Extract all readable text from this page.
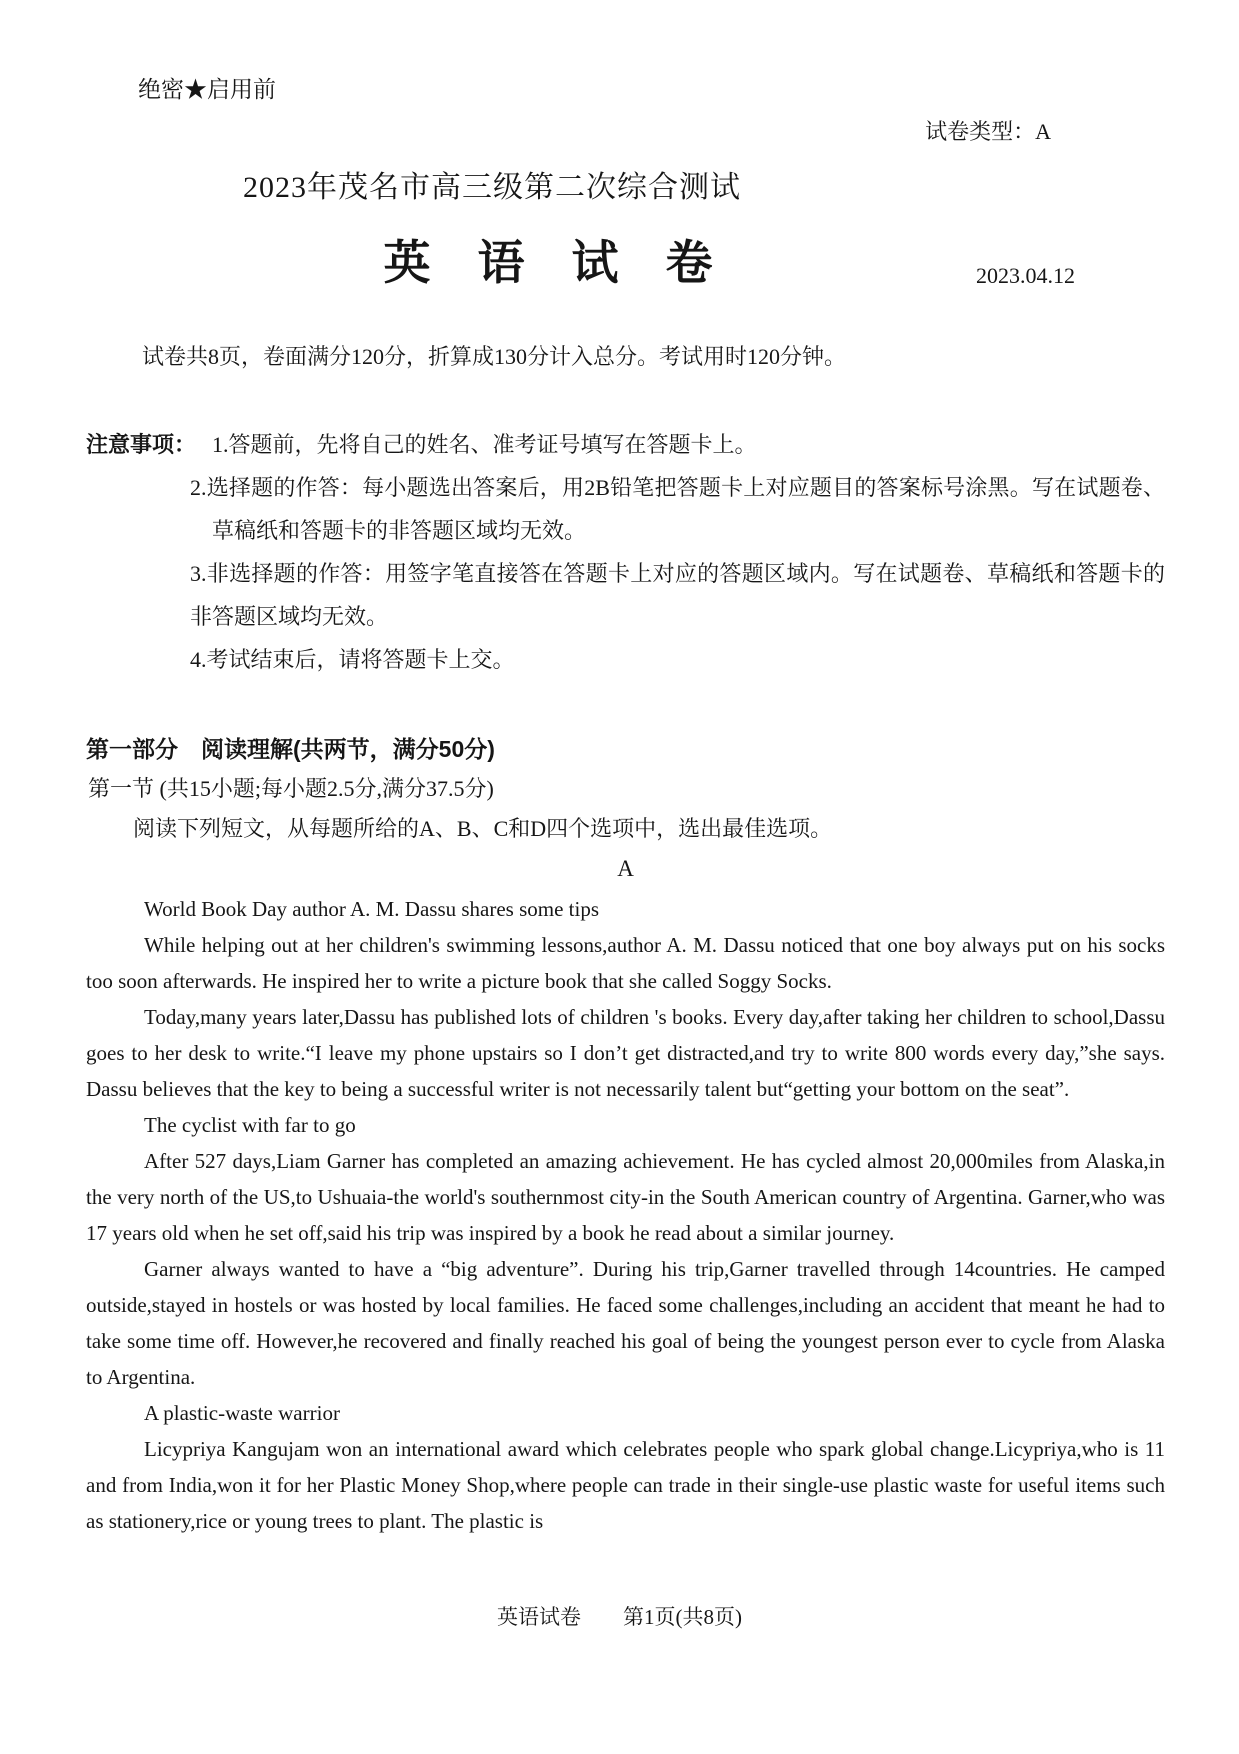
绝密★启用前
试卷类型：A
2023年茂名市高三级第二次综合测试
英　语　试　卷	2023.04.12

试卷共8页，卷面满分120分，折算成130分计入总分。考试用时120分钟。

注意事项： 1.答题前，先将自己的姓名、准考证号填写在答题卡上。

2.选择题的作答：每小题选出答案后，用2B铅笔把答题卡上对应题目的答案标号涂黑。写在试题卷、草稿纸和答题卡的非答题区域均无效。

3.非选择题的作答：用签字笔直接答在答题卡上对应的答题区域内。写在试题卷、草稿纸和答题卡的非答题区域均无效。

4.考试结束后，请将答题卡上交。

第一部分　阅读理解(共两节，满分50分)
第一节 (共15小题;每小题2.5分,满分37.5分)

阅读下列短文，从每题所给的A、B、C和D四个选项中，选出最佳选项。

A

World Book Day author A. M. Dassu shares some tips

While helping out at her children's swimming lessons,author A. M. Dassu noticed that one boy always put on his socks too soon afterwards. He inspired her to write a picture book that she called Soggy Socks.

Today,many years later,Dassu has published lots of children 's books. Every day,after taking her children to school,Dassu goes to her desk to write.“I leave my phone upstairs so I don’t get distracted,and try to write 800 words every day,”she says. Dassu believes that the key to being a successful writer is not necessarily talent but“getting your bottom on the seat”.

The cyclist with far to go

After 527 days,Liam Garner has completed an amazing achievement. He has cycled almost 20,000miles from Alaska,in the very north of the US,to Ushuaia-the world's southernmost city-in the South American country of Argentina. Garner,who was 17 years old when he set off,said his trip was inspired by a book he read about a similar journey.

Garner always wanted to have a “big adventure”. During his trip,Garner travelled through 14countries. He camped outside,stayed in hostels or was hosted by local families. He faced some challenges,including an accident that meant he had to take some time off. However,he recovered and finally reached his goal of being the youngest person ever to cycle from Alaska to Argentina.

A plastic-waste warrior

Licypriya Kangujam won an international award which celebrates people who spark global change.Licypriya,who is 11 and from India,won it for her Plastic Money Shop,where people can trade in their single-use plastic waste for useful items such as stationery,rice or young trees to plant. The plastic is

英语试卷 第1页(共8页)
